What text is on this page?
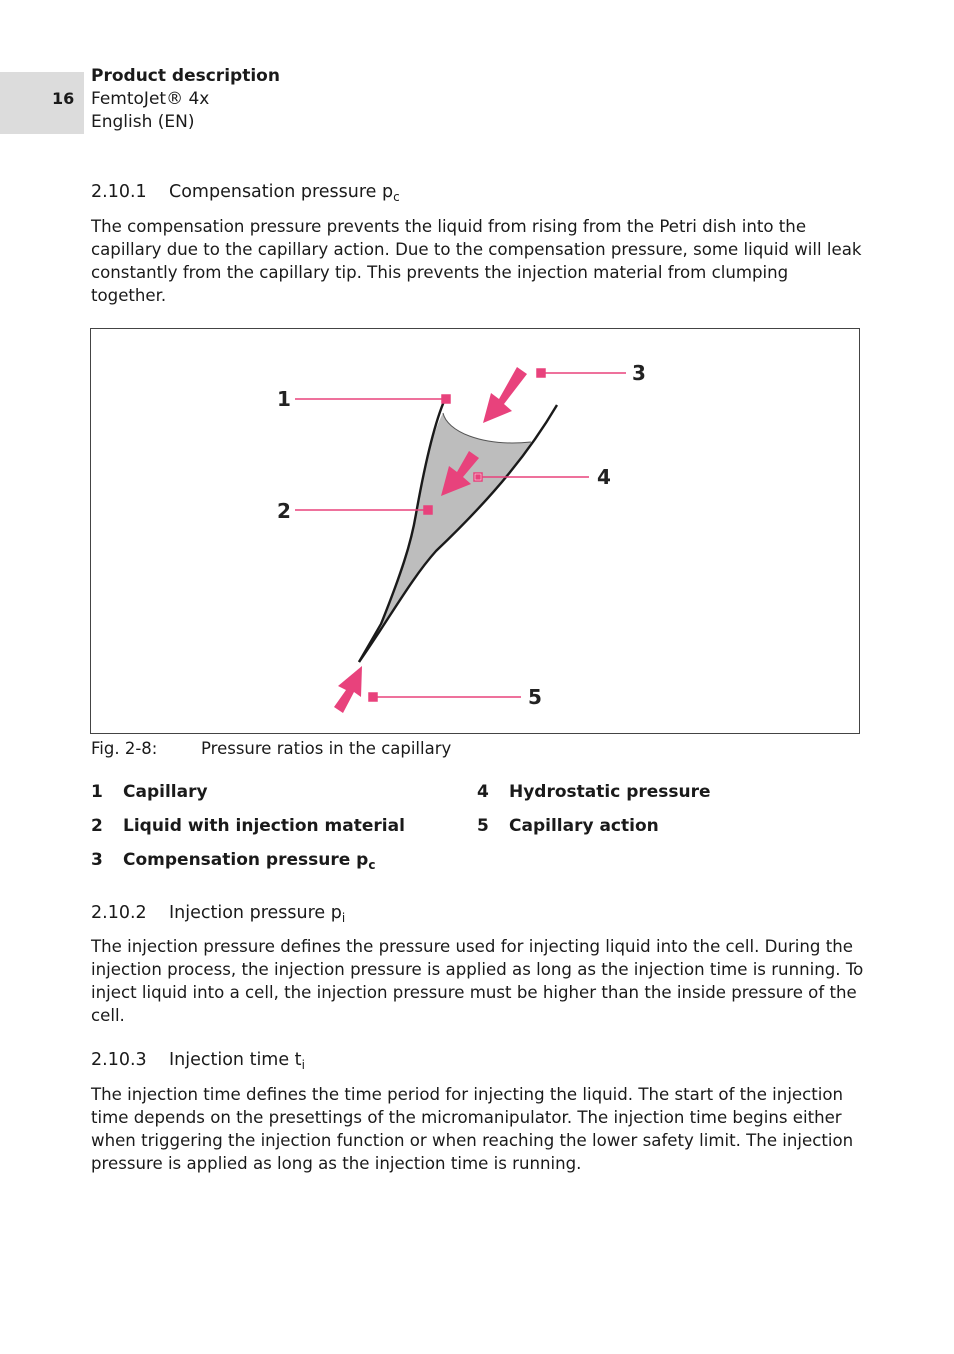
16
Product description
FemtoJet® 4x
English (EN)
2.10.1 Compensation pressure $p_c$

The compensation pressure prevents the liquid from rising from the Petri dish into the capillary due to the capillary action. Due to the compensation pressure, some liquid will leak constantly from the capillary tip. This prevents the injection material from clumping together.

1
2
3
4
5
Fig. 2-8:	Pressure ratios in the capillary
1 Capillary
2 Liquid with injection material
3 Compensation pressure $p_c$
4 Hydrostatic pressure
5 Capillary action
2.10.2 Injection pressure $p_i$

The injection pressure defines the pressure used for injecting liquid into the cell. During the injection process, the injection pressure is applied as long as the injection time is running. To inject liquid into a cell, the injection pressure must be higher than the inside pressure of the cell.

2.10.3 Injection time $t_i$

The injection time defines the time period for injecting the liquid. The start of the injection time depends on the presettings of the micromanipulator. The injection time begins either when triggering the injection function or when reaching the lower safety limit. The injection pressure is applied as long as the injection time is running.
